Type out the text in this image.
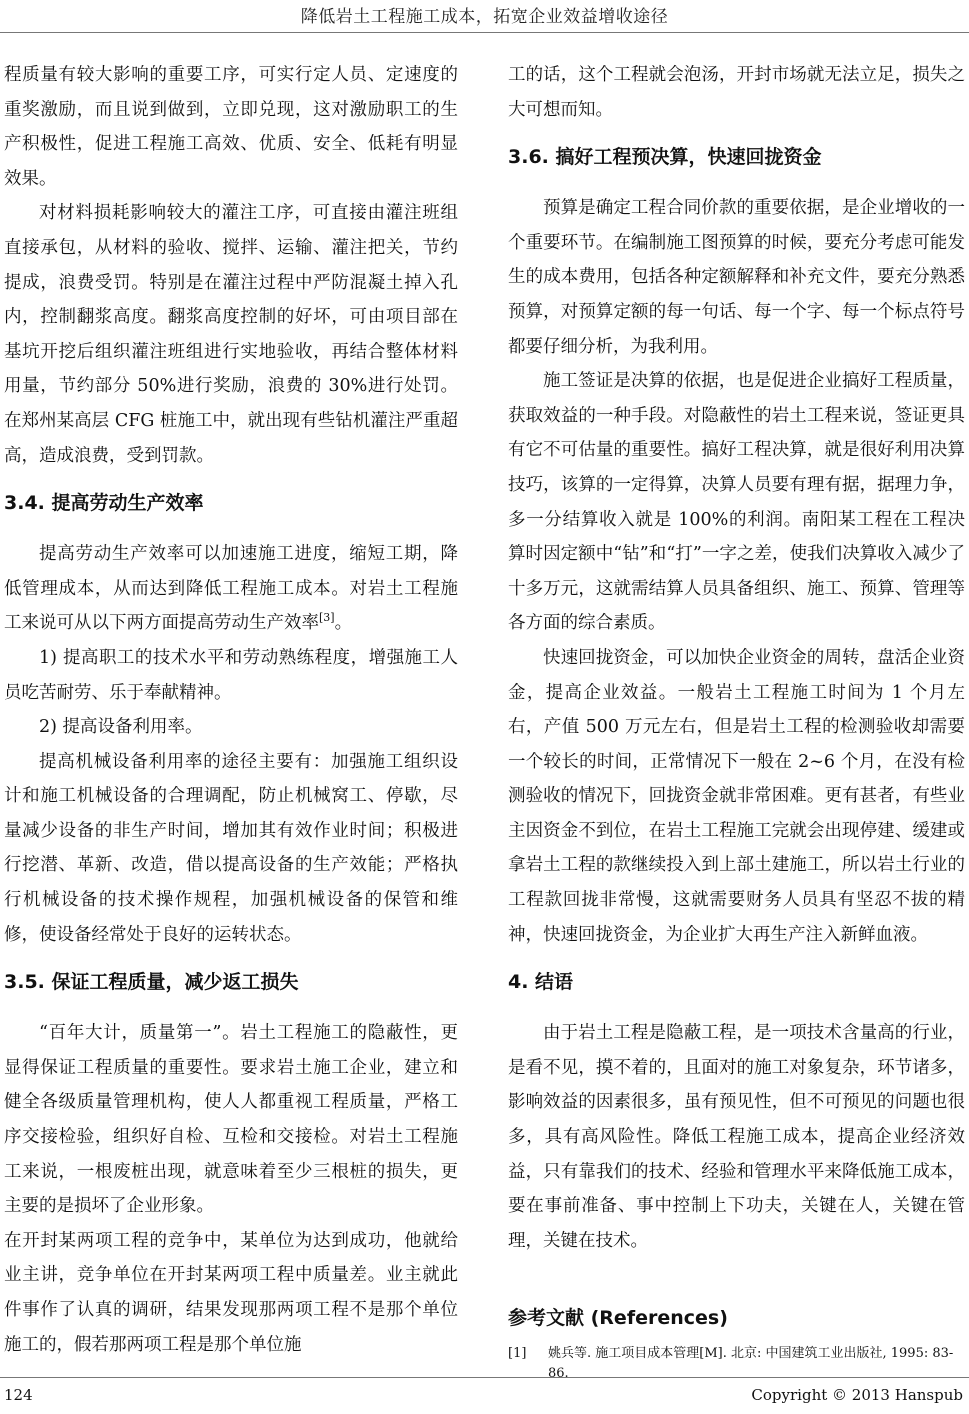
降低岩土工程施工成本，拓宽企业效益增收途径

程质量有较大影响的重要工序，可实行定人员、定速度的重奖激励，而且说到做到，立即兑现，这对激励职工的生产积极性，促进工程施工高效、优质、安全、低耗有明显效果。

对材料损耗影响较大的灌注工序，可直接由灌注班组直接承包，从材料的验收、搅拌、运输、灌注把关，节约提成，浪费受罚。特别是在灌注过程中严防混凝土掉入孔内，控制翻浆高度。翻浆高度控制的好坏，可由项目部在基坑开挖后组织灌注班组进行实地验收，再结合整体材料用量，节约部分 50%进行奖励，浪费的 30%进行处罚。在郑州某高层 CFG 桩施工中，就出现有些钻机灌注严重超高，造成浪费，受到罚款。

3.4. 提高劳动生产效率

提高劳动生产效率可以加速施工进度，缩短工期，降低管理成本，从而达到降低工程施工成本。对岩土工程施工来说可从以下两方面提高劳动生产效率[3]。

1) 提高职工的技术水平和劳动熟练程度，增强施工人员吃苦耐劳、乐于奉献精神。

2) 提高设备利用率。

提高机械设备利用率的途径主要有：加强施工组织设计和施工机械设备的合理调配，防止机械窝工、停歇，尽量减少设备的非生产时间，增加其有效作业时间；积极进行挖潜、革新、改造，借以提高设备的生产效能；严格执行机械设备的技术操作规程，加强机械设备的保管和维修，使设备经常处于良好的运转状态。

3.5. 保证工程质量，减少返工损失

“百年大计，质量第一”。岩土工程施工的隐蔽性，更显得保证工程质量的重要性。要求岩土施工企业，建立和健全各级质量管理机构，使人人都重视工程质量，严格工序交接检验，组织好自检、互检和交接检。对岩土工程施工来说，一根废桩出现，就意味着至少三根桩的损失，更主要的是损坏了企业形象。

在开封某两项工程的竞争中，某单位为达到成功，他就给业主讲，竞争单位在开封某两项工程中质量差。业主就此件事作了认真的调研，结果发现那两项工程不是那个单位施工的，假若那两项工程是那个单位施

工的话，这个工程就会泡汤，开封市场就无法立足，损失之大可想而知。

3.6. 搞好工程预决算，快速回拢资金

预算是确定工程合同价款的重要依据，是企业增收的一个重要环节。在编制施工图预算的时候，要充分考虑可能发生的成本费用，包括各种定额解释和补充文件，要充分熟悉预算，对预算定额的每一句话、每一个字、每一个标点符号都要仔细分析，为我利用。

施工签证是决算的依据，也是促进企业搞好工程质量，获取效益的一种手段。对隐蔽性的岩土工程来说，签证更具有它不可估量的重要性。搞好工程决算，就是很好利用决算技巧，该算的一定得算，决算人员要有理有据，据理力争，多一分结算收入就是 100%的利润。南阳某工程在工程决算时因定额中“钻”和“打”一字之差，使我们决算收入减少了十多万元，这就需结算人员具备组织、施工、预算、管理等各方面的综合素质。

快速回拢资金，可以加快企业资金的周转，盘活企业资金，提高企业效益。一般岩土工程施工时间为 1 个月左右，产值 500 万元左右，但是岩土工程的检测验收却需要一个较长的时间，正常情况下一般在 2~6 个月，在没有检测验收的情况下，回拢资金就非常困难。更有甚者，有些业主因资金不到位，在岩土工程施工完就会出现停建、缓建或拿岩土工程的款继续投入到上部土建施工，所以岩土行业的工程款回拢非常慢，这就需要财务人员具有坚忍不拔的精神，快速回拢资金，为企业扩大再生产注入新鲜血液。

4. 结语

由于岩土工程是隐蔽工程，是一项技术含量高的行业，是看不见，摸不着的，且面对的施工对象复杂，环节诸多，影响效益的因素很多，虽有预见性，但不可预见的问题也很多，具有高风险性。降低工程施工成本，提高企业经济效益，只有靠我们的技术、经验和管理水平来降低施工成本，要在事前准备、事中控制上下功夫，关键在人，关键在管理，关键在技术。

参考文献 (References)
[1]	姚兵等. 施工项目成本管理[M]. 北京: 中国建筑工业出版社, 1995: 83-86.
124	Copyright © 2013 Hanspub
